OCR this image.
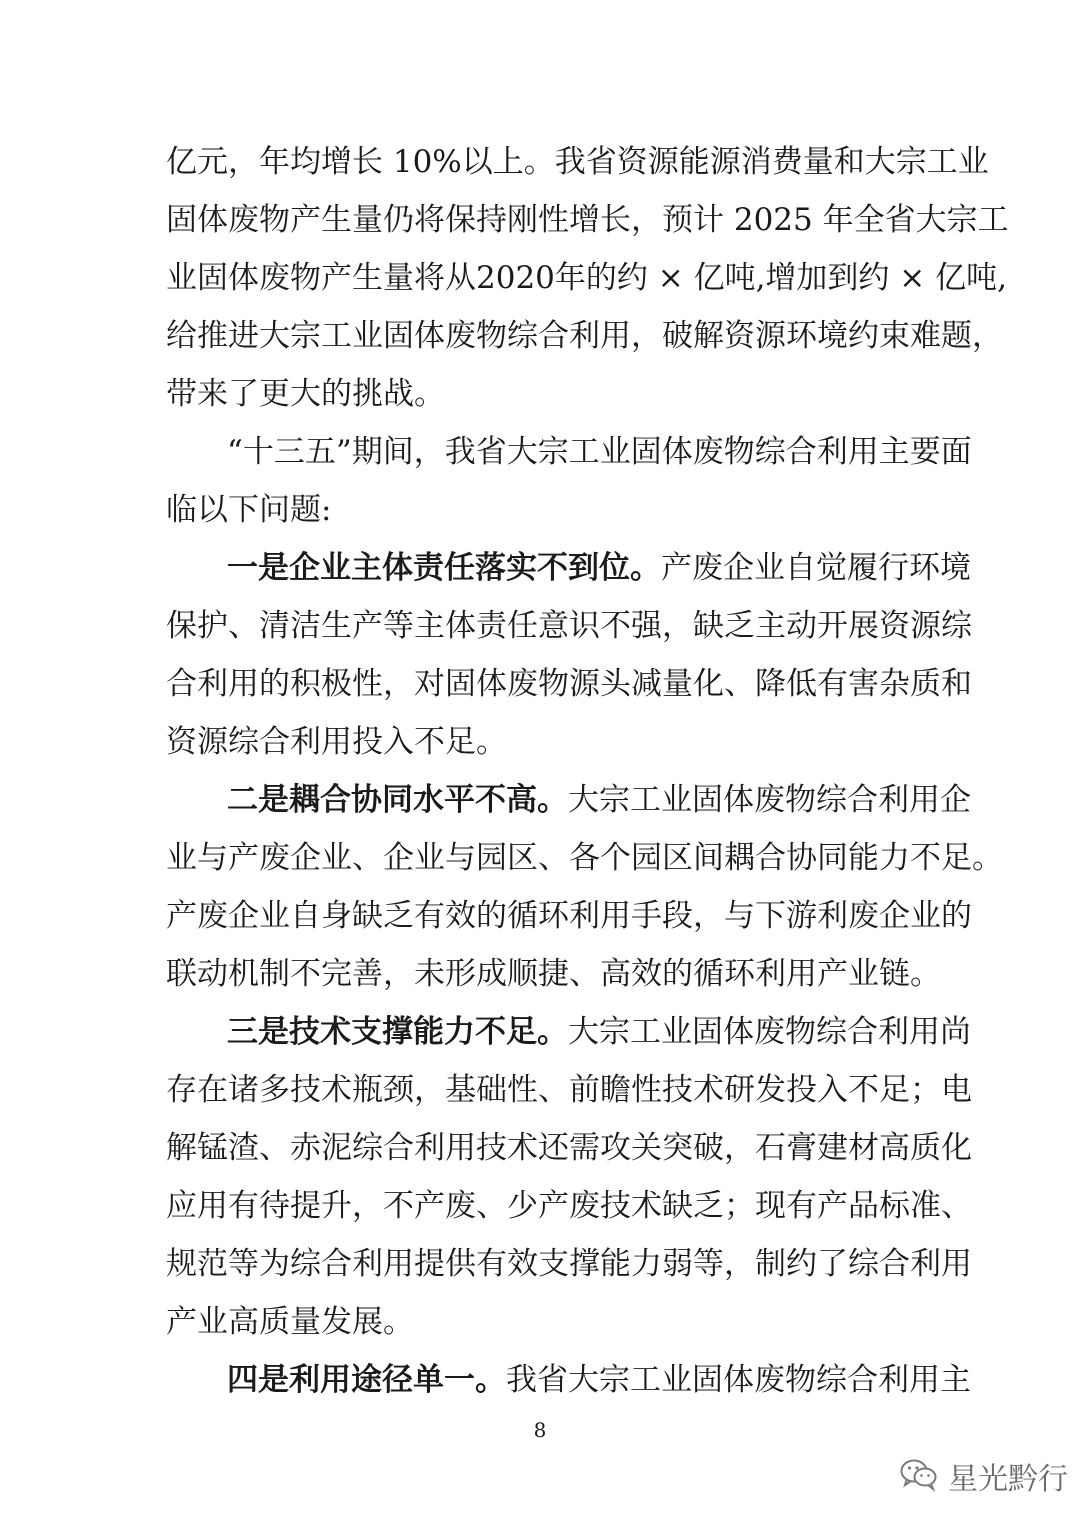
亿元，年均增长 10%以上。我省资源能源消费量和大宗工业
固体废物产生量仍将保持刚性增长，预计 2025 年全省大宗工
业固体废物产生量将从2020年的约 × 亿吨,增加到约 × 亿吨,
给推进大宗工业固体废物综合利用，破解资源环境约束难题，
带来了更大的挑战。
“十三五”期间，我省大宗工业固体废物综合利用主要面
临以下问题:
一是企业主体责任落实不到位。产废企业自觉履行环境
保护、清洁生产等主体责任意识不强，缺乏主动开展资源综
合利用的积极性，对固体废物源头减量化、降低有害杂质和
资源综合利用投入不足。
二是耦合协同水平不高。大宗工业固体废物综合利用企
业与产废企业、企业与园区、各个园区间耦合协同能力不足。
产废企业自身缺乏有效的循环利用手段，与下游利废企业的
联动机制不完善，未形成顺捷、高效的循环利用产业链。
三是技术支撑能力不足。大宗工业固体废物综合利用尚
存在诸多技术瓶颈，基础性、前瞻性技术研发投入不足；电
解锰渣、赤泥综合利用技术还需攻关突破，石膏建材高质化
应用有待提升，不产废、少产废技术缺乏；现有产品标准、
规范等为综合利用提供有效支撑能力弱等，制约了综合利用
产业高质量发展。
四是利用途径单一。我省大宗工业固体废物综合利用主
8
星光黔行
